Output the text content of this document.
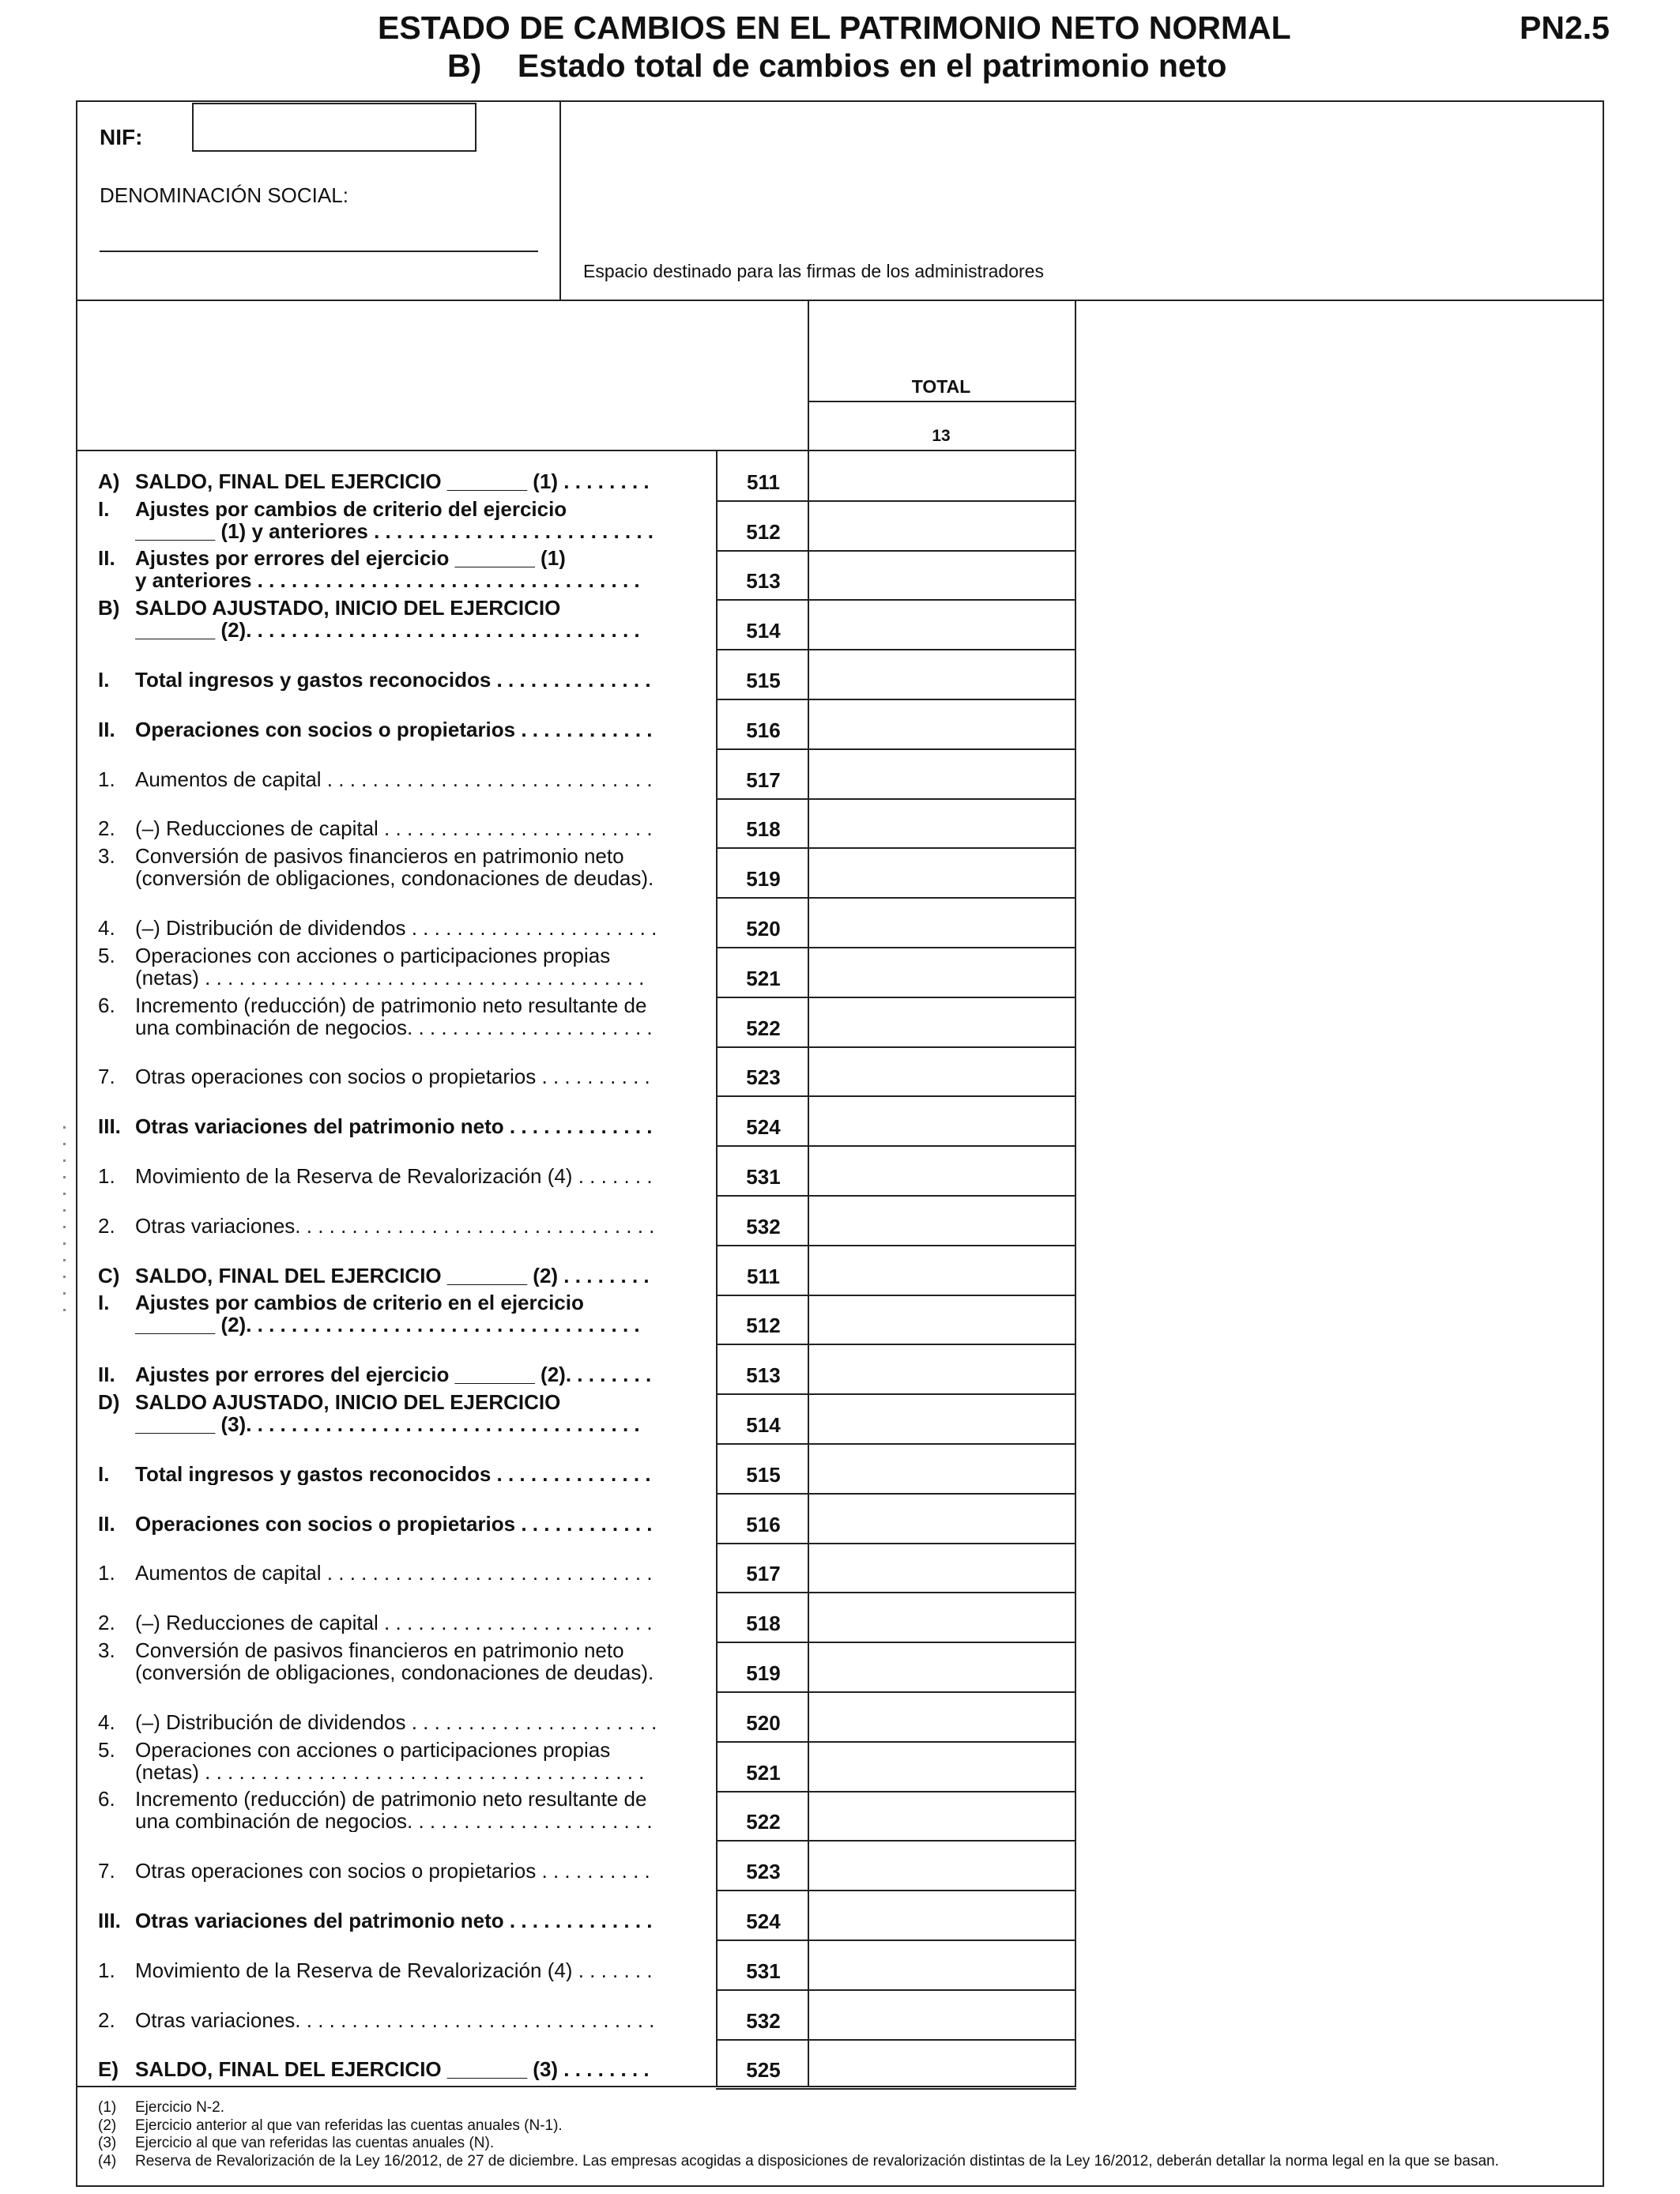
ESTADO DE CAMBIOS EN EL PATRIMONIO NETO NORMAL	PN2.5
B) Estado total de cambios en el patrimonio neto
NIF:
DENOMINACIÓN SOCIAL:
Espacio destinado para las firmas de los administradores
TOTAL
13
A) SALDO, FINAL DEL EJERCICIO _______ (1) . . . . . . . .	511
I. Ajustes por cambios de criterio del ejercicio
_______ (1) y anteriores . . . . . . . . . . . . . . . . . . . . . . . . .	512
II. Ajustes por errores del ejercicio _______ (1)
y anteriores . . . . . . . . . . . . . . . . . . . . . . . . . . . . . . . . . .	513
B) SALDO AJUSTADO, INICIO DEL EJERCICIO
_______ (2). . . . . . . . . . . . . . . . . . . . . . . . . . . . . . . . . . .	514
I. Total ingresos y gastos reconocidos . . . . . . . . . . . . . .	515
II. Operaciones con socios o propietarios . . . . . . . . . . . .	516
1. Aumentos de capital . . . . . . . . . . . . . . . . . . . . . . . . . . . . .	517
2. (–) Reducciones de capital . . . . . . . . . . . . . . . . . . . . . . . .	518
3. Conversión de pasivos financieros en patrimonio neto
(conversión de obligaciones, condonaciones de deudas).	519
4. (–) Distribución de dividendos . . . . . . . . . . . . . . . . . . . . . .	520
5. Operaciones con acciones o participaciones propias
(netas) . . . . . . . . . . . . . . . . . . . . . . . . . . . . . . . . . . . . . . .	521
6. Incremento (reducción) de patrimonio neto resultante de
una combinación de negocios. . . . . . . . . . . . . . . . . . . . . .	522
7. Otras operaciones con socios o propietarios . . . . . . . . . .	523
III. Otras variaciones del patrimonio neto . . . . . . . . . . . . .	524
1. Movimiento de la Reserva de Revalorización (4) . . . . . . .	531
2. Otras variaciones. . . . . . . . . . . . . . . . . . . . . . . . . . . . . . . .	532
C) SALDO, FINAL DEL EJERCICIO _______ (2) . . . . . . . .	511
I. Ajustes por cambios de criterio en el ejercicio
_______ (2). . . . . . . . . . . . . . . . . . . . . . . . . . . . . . . . . . .	512
II. Ajustes por errores del ejercicio _______ (2). . . . . . . .	513
D) SALDO AJUSTADO, INICIO DEL EJERCICIO
_______ (3). . . . . . . . . . . . . . . . . . . . . . . . . . . . . . . . . . .	514
I. Total ingresos y gastos reconocidos . . . . . . . . . . . . . .	515
II. Operaciones con socios o propietarios . . . . . . . . . . . .	516
1. Aumentos de capital . . . . . . . . . . . . . . . . . . . . . . . . . . . . .	517
2. (–) Reducciones de capital . . . . . . . . . . . . . . . . . . . . . . . .	518
3. Conversión de pasivos financieros en patrimonio neto
(conversión de obligaciones, condonaciones de deudas).	519
4. (–) Distribución de dividendos . . . . . . . . . . . . . . . . . . . . . .	520
5. Operaciones con acciones o participaciones propias
(netas) . . . . . . . . . . . . . . . . . . . . . . . . . . . . . . . . . . . . . . .	521
6. Incremento (reducción) de patrimonio neto resultante de
una combinación de negocios. . . . . . . . . . . . . . . . . . . . . .	522
7. Otras operaciones con socios o propietarios . . . . . . . . . .	523
III. Otras variaciones del patrimonio neto . . . . . . . . . . . . .	524
1. Movimiento de la Reserva de Revalorización (4) . . . . . . .	531
2. Otras variaciones. . . . . . . . . . . . . . . . . . . . . . . . . . . . . . . .	532
E) SALDO, FINAL DEL EJERCICIO _______ (3) . . . . . . . .	525
(1) Ejercicio N-2.
(2) Ejercicio anterior al que van referidas las cuentas anuales (N-1).
(3) Ejercicio al que van referidas las cuentas anuales (N).
(4) Reserva de Revalorización de la Ley 16/2012, de 27 de diciembre. Las empresas acogidas a disposiciones de revalorización distintas de la Ley 16/2012, deberán detallar la norma legal en la que se basan.
